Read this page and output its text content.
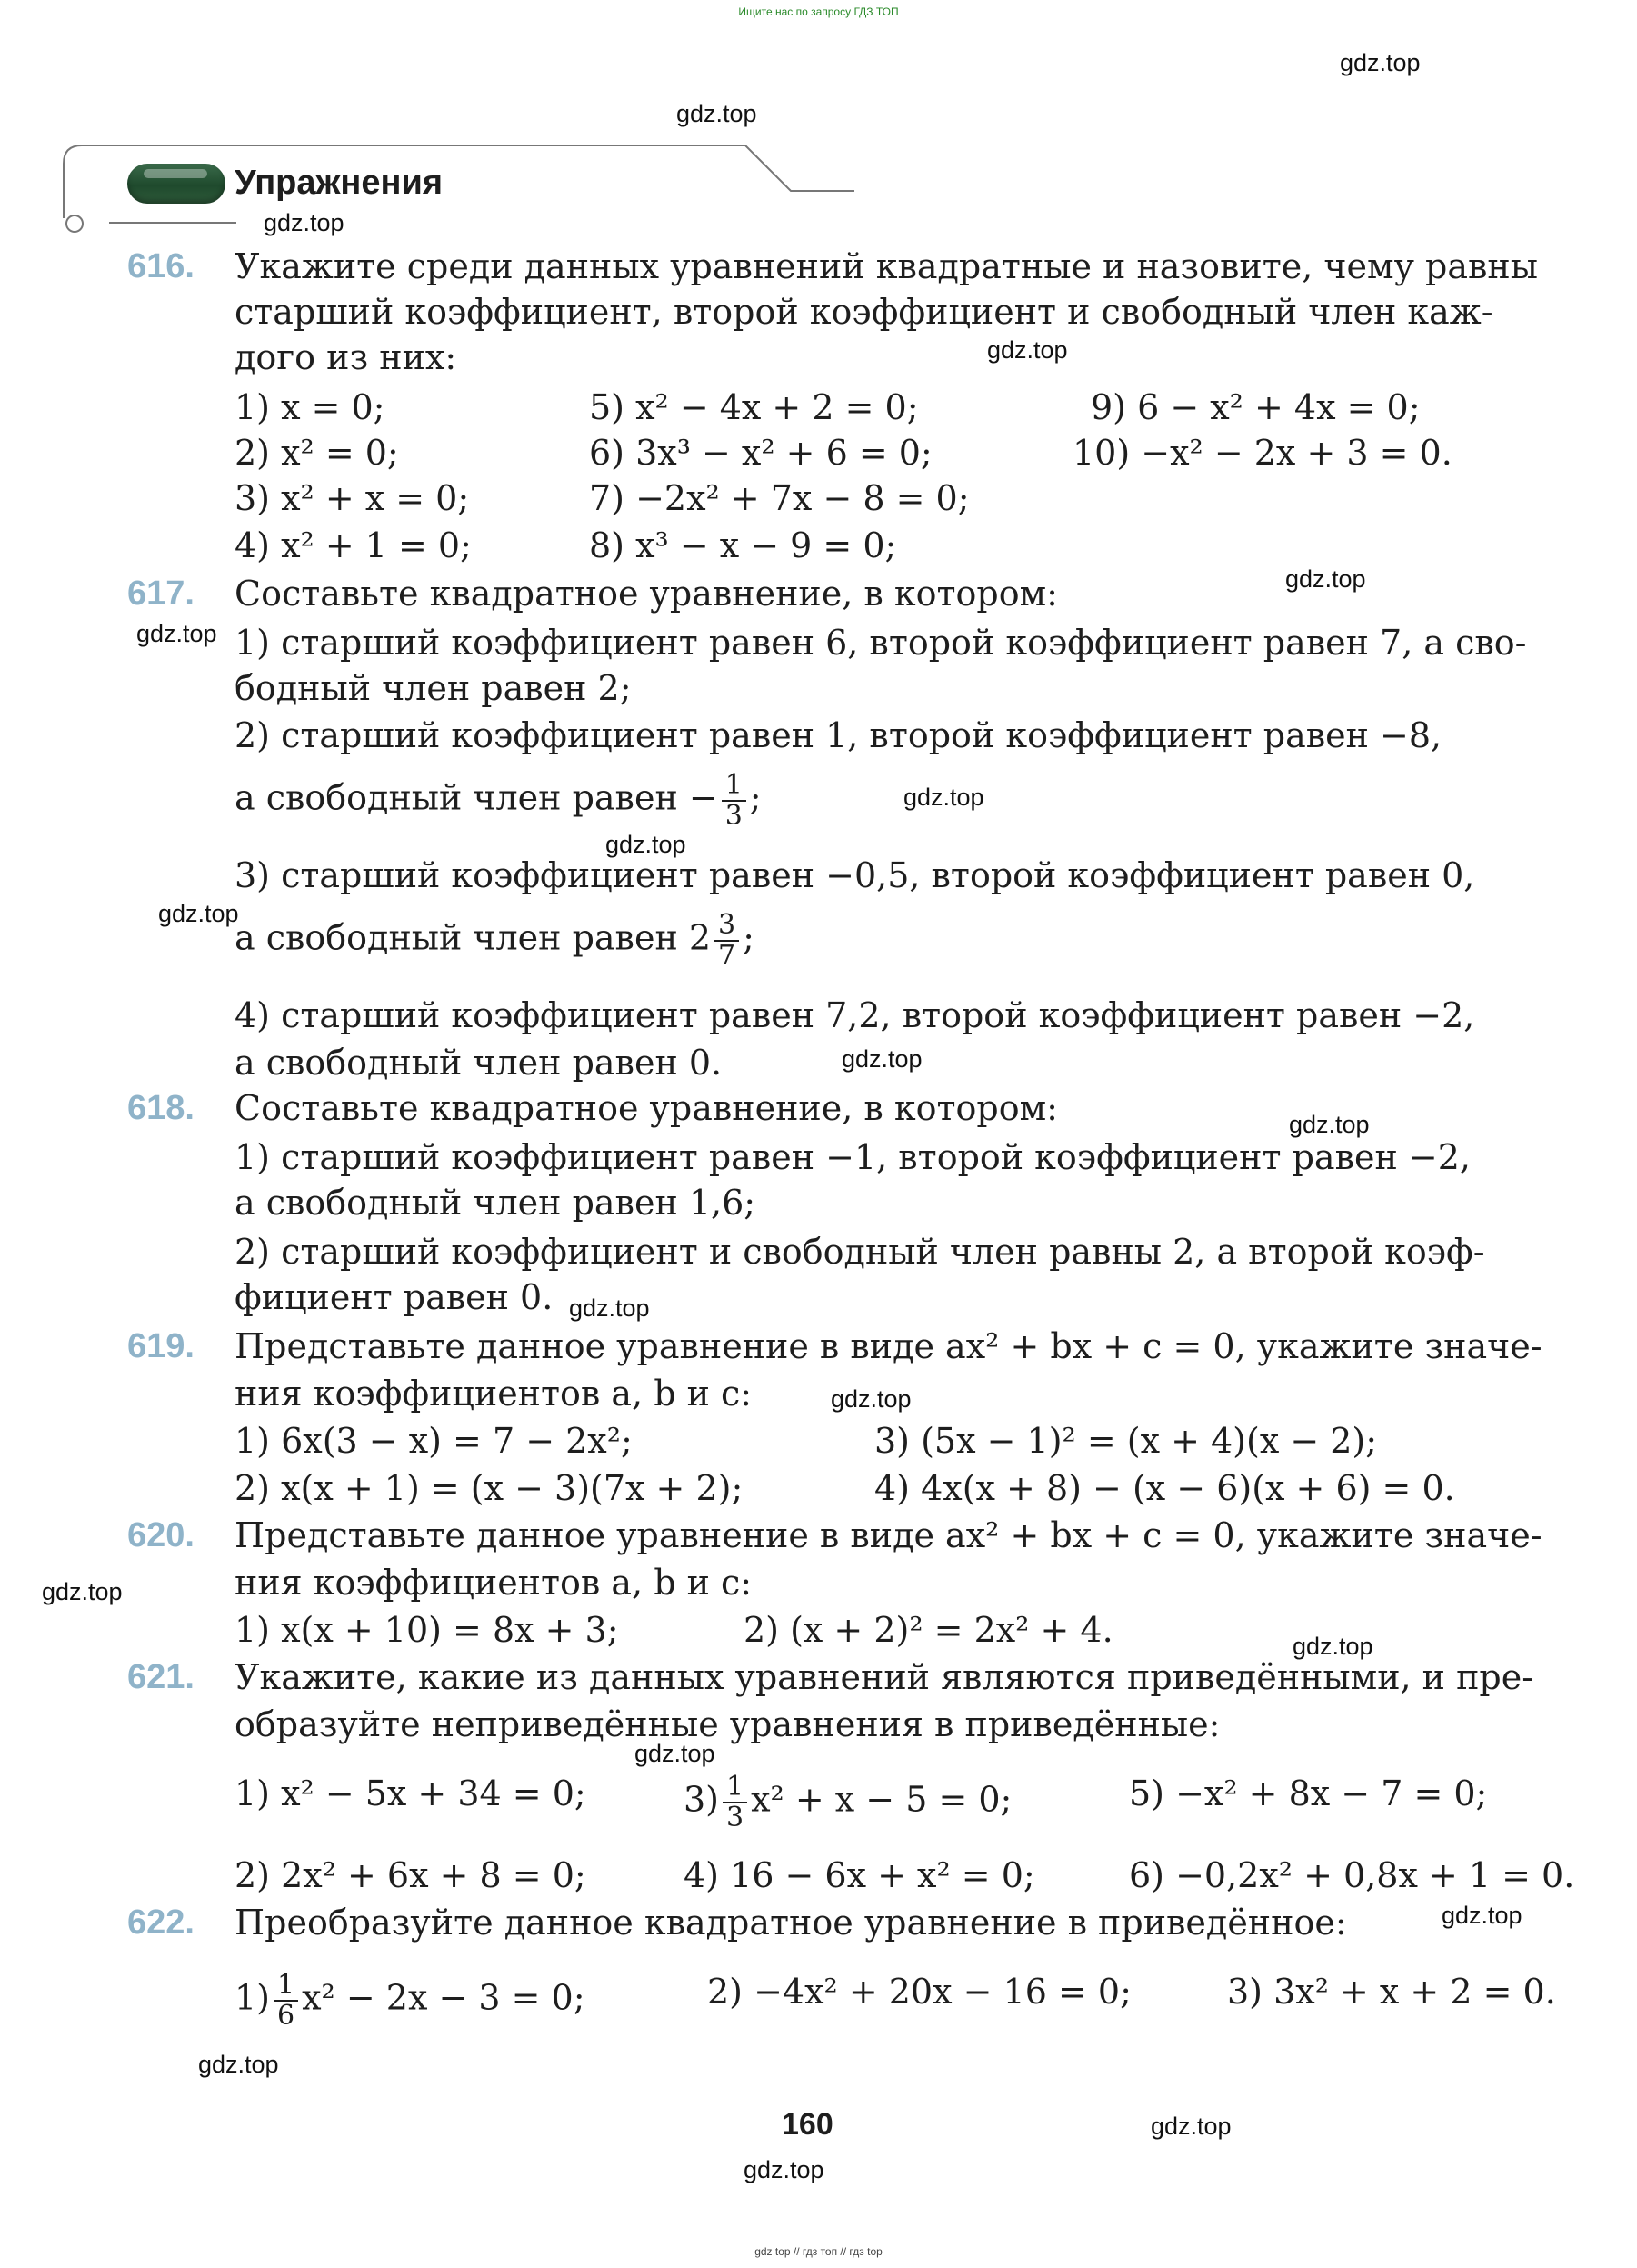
Ищите нас по запросу ГДЗ ТОП
Упражнения
616. Укажите среди данных уравнений квадратные и назовите, чему равны
старший коэффициент, второй коэффициент и свободный член каж-
дого из них:
1) x = 0;
2) x² = 0;
3) x² + x = 0;
4) x² + 1 = 0;
5) x² − 4x + 2 = 0;
6) 3x³ − x² + 6 = 0;
7) −2x² + 7x − 8 = 0;
8) x³ − x − 9 = 0;
9) 6 − x² + 4x = 0;
10) −x² − 2x + 3 = 0.
617. Составьте квадратное уравнение, в котором:
1) старший коэффициент равен 6, второй коэффициент равен 7, а сво-
бодный член равен 2;
2) старший коэффициент равен 1, второй коэффициент равен −8,
а свободный член равен − $\frac{1}{3}$ ;
3) старший коэффициент равен −0,5, второй коэффициент равен 0,
а свободный член равен $2 \frac{3}{7}$ ;
4) старший коэффициент равен 7,2, второй коэффициент равен −2,
а свободный член равен 0.
618. Составьте квадратное уравнение, в котором:
1) старший коэффициент равен −1, второй коэффициент равен −2,
а свободный член равен 1,6;
2) старший коэффициент и свободный член равны 2, а второй коэф-
фициент равен 0.
619. Представьте данное уравнение в виде ax² + bx + c = 0, укажите значе-
ния коэффициентов a, b и c:
1) 6x(3 − x) = 7 − 2x²;
2) x(x + 1) = (x − 3)(7x + 2);
3) (5x − 1)² = (x + 4)(x − 2);
4) 4x(x + 8) − (x − 6)(x + 6) = 0.
620. Представьте данное уравнение в виде ax² + bx + c = 0, укажите значе-
ния коэффициентов a, b и c:
1) x(x + 10) = 8x + 3;	2) (x + 2)² = 2x² + 4.
621. Укажите, какие из данных уравнений являются приведёнными, и пре-
образуйте неприведённые уравнения в приведённые:
1) x² − 5x + 34 = 0;	$3) \frac{1}{3} x^2 + x - 5 = 0$;	5) −x² + 8x − 7 = 0;
2) 2x² + 6x + 8 = 0;	4) 16 − 6x + x² = 0;	6) −0,2x² + 0,8x + 1 = 0.
622. Преобразуйте данное квадратное уравнение в приведённое:
$1) \frac{1}{6} x^2 - 2x - 3 = 0$;	2) −4x² + 20x − 16 = 0;	3) 3x² + x + 2 = 0.
160
gdz.top
gdz.top
gdz.top
gdz.top
gdz.top
gdz.top
gdz.top
gdz.top
gdz.top
gdz.top
gdz.top
gdz.top
gdz.top
gdz.top
gdz.top
gdz.top
gdz.top
gdz.top
gdz.top
gdz.top
gdz top // гдз топ // гдз top
